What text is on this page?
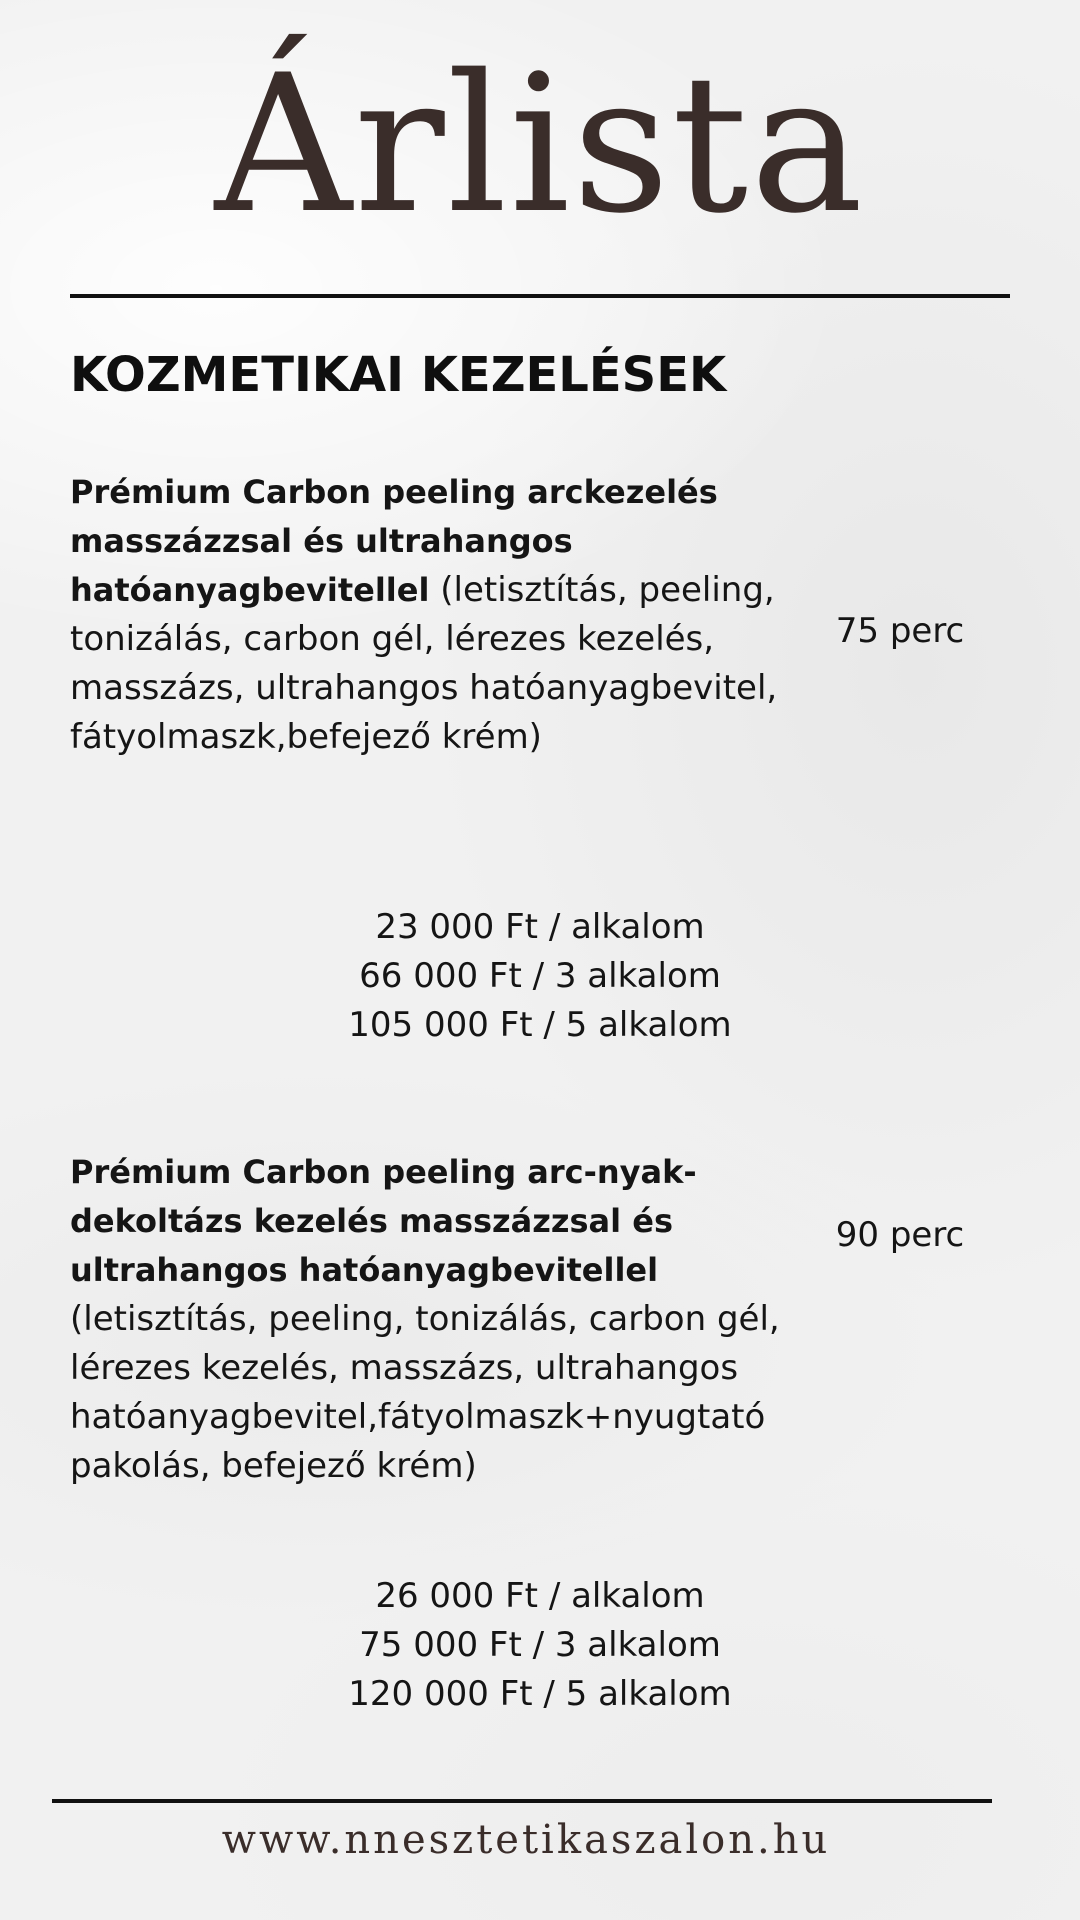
Árlista
KOZMETIKAI KEZELÉSEK
Prémium Carbon peeling arckezelés masszázzsal és ultrahangos hatóanyagbevitellel (letisztítás, peeling, tonizálás, carbon gél, lérezes kezelés, masszázs, ultrahangos hatóanyagbevitel, fátyolmaszk,befejező krém)
75 perc
23 000 Ft / alkalom
66 000 Ft / 3 alkalom
105 000 Ft / 5 alkalom
Prémium Carbon peeling arc-nyak-dekoltázs kezelés masszázzsal és ultrahangos hatóanyagbevitellel (letisztítás, peeling, tonizálás, carbon gél, lérezes kezelés, masszázs, ultrahangos hatóanyagbevitel,fátyolmaszk+nyugtató pakolás, befejező krém)
90 perc
26 000 Ft / alkalom
75 000 Ft / 3 alkalom
120 000 Ft / 5 alkalom
www.nnesztetikaszalon.hu
